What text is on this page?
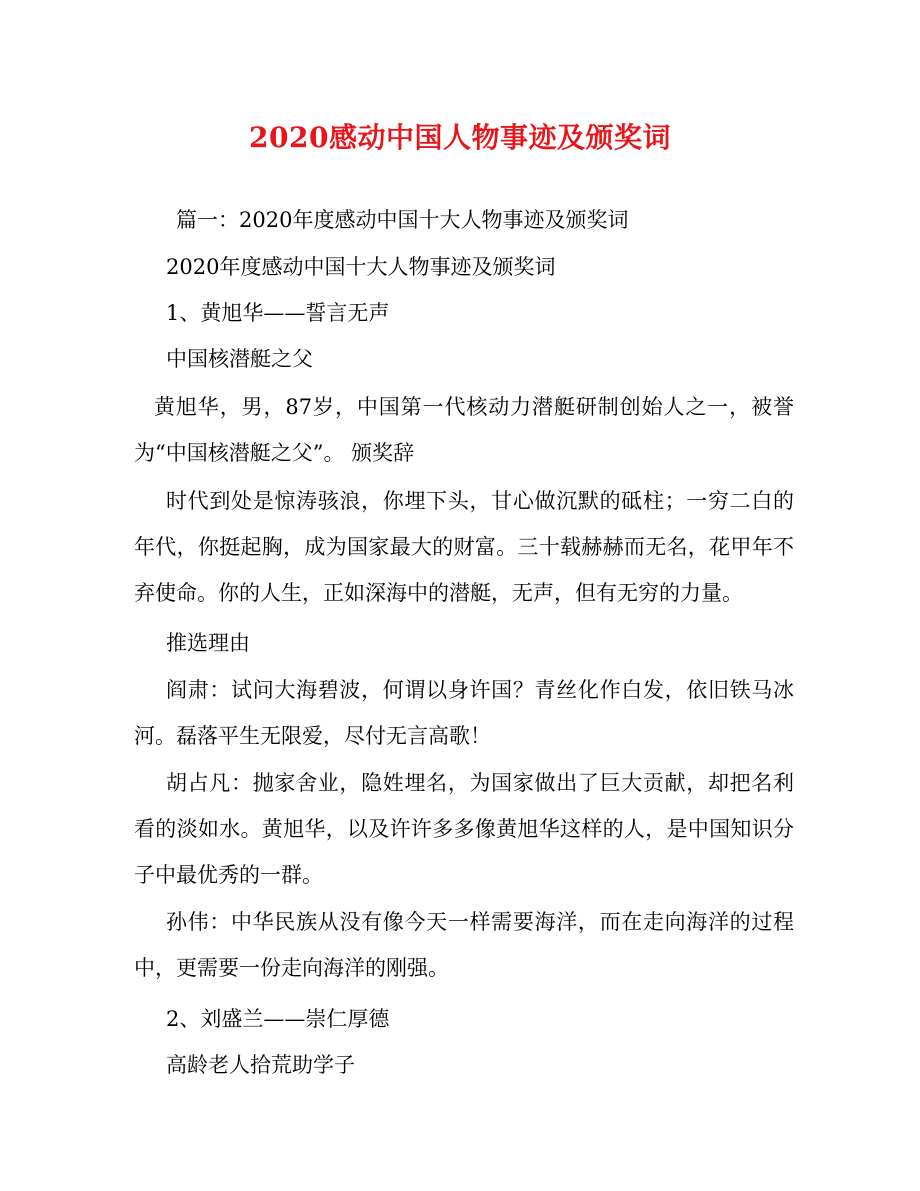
2020感动中国人物事迹及颁奖词
篇一：2020年度感动中国十大人物事迹及颁奖词
2020年度感动中国十大人物事迹及颁奖词
1、黄旭华——誓言无声
中国核潜艇之父

黄旭华，男，87岁，中国第一代核动力潜艇研制创始人之一，被誉为“中国核潜艇之父”。 颁奖辞

时代到处是惊涛骇浪，你埋下头，甘心做沉默的砥柱；一穷二白的年代，你挺起胸，成为国家最大的财富。三十载赫赫而无名，花甲年不弃使命。你的人生，正如深海中的潜艇，无声，但有无穷的力量。

推选理由

阎肃：试问大海碧波，何谓以身许国？青丝化作白发，依旧铁马冰河。磊落平生无限爱，尽付无言高歌！

胡占凡：抛家舍业，隐姓埋名，为国家做出了巨大贡献，却把名利看的淡如水。黄旭华，以及许许多多像黄旭华这样的人，是中国知识分子中最优秀的一群。

孙伟：中华民族从没有像今天一样需要海洋，而在走向海洋的过程中，更需要一份走向海洋的刚强。

2、刘盛兰——崇仁厚德
高龄老人拾荒助学子
